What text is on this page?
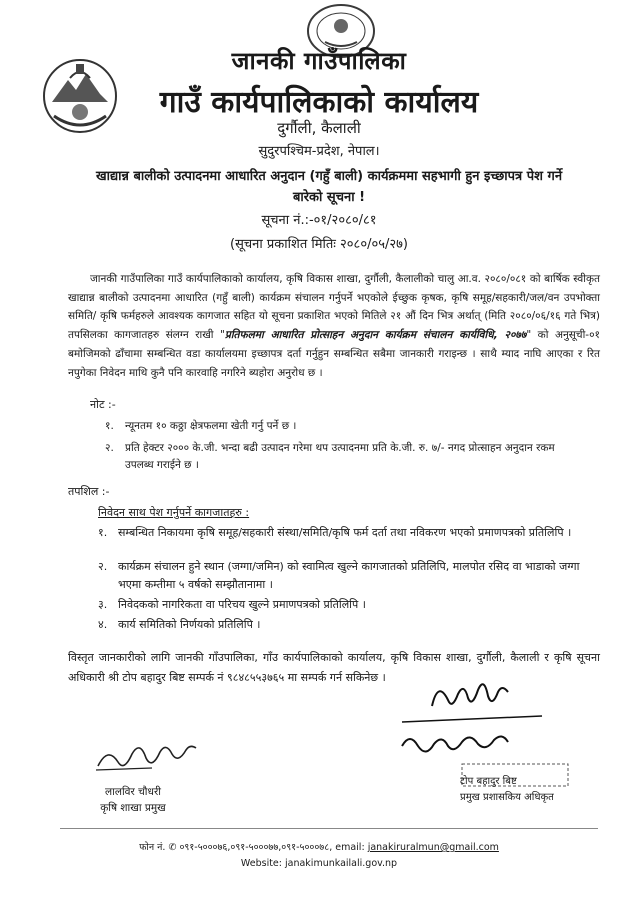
जानकी गाउँपालिका
गाउँ कार्यपालिकाको कार्यालय
दुर्गौली, कैलाली
सुदुरपश्चिम-प्रदेश, नेपाल।
खाद्यान्न बालीको उत्पादनमा आधारित अनुदान (गहुँ बाली) कार्यक्रममा सहभागी हुन इच्छापत्र पेश गर्ने
बारेको सूचना !
सूचना नं.:-०१/२०८०/८१
(सूचना प्रकाशित मितिः २०८०/०५/२७)
जानकी गाउँपालिका गाउँ कार्यपालिकाको कार्यालय, कृषि विकास शाखा, दुर्गौली, कैलालीको चालु आ.व. २०८०/०८१ को बार्षिक स्वीकृत खाद्यान्न बालीको उत्पादनमा आधारित (गहुँ बाली) कार्यक्रम संचालन गर्नुपर्ने भएकोले ईच्छुक कृषक, कृषि समूह/सहकारी/जल/वन उपभोक्ता समिति/ कृषि फर्महरुले आवश्यक कागजात सहित यो सूचना प्रकाशित भएको मितिले २१ औं दिन भित्र अर्थात् (मिति २०८०/०६/१६ गते भित्र) तपसिलका कागजातहरु संलग्न राखी "प्रतिफलमा आधारित प्रोत्साहन अनुदान कार्यक्रम संचालन कार्यविधि, २०७७" को अनुसूची-०१ बमोजिमको ढाँचामा सम्बन्धित वडा कार्यालयमा इच्छापत्र दर्ता गर्नुहुन सम्बन्धित सबैमा जानकारी गराइन्छ । साथै म्याद नाघि आएका र रित नपुगेका निवेदन माथि कुनै पनि कारवाहि नगरिने ब्यहोरा अनुरोध छ ।
नोट :-
१. न्यूनतम १० कठ्ठा क्षेत्रफलमा खेती गर्नु पर्ने छ ।
२. प्रति हेक्टर २००० के.जी. भन्दा बढी उत्पादन गरेमा थप उत्पादनमा प्रति के.जी. रु. ७/- नगद प्रोत्साहन अनुदान रकम उपलब्ध गराईने छ ।
तपशिल :-
निवेदन साथ पेश गर्नुपर्ने कागजातहरु :
१. सम्बन्धित निकायमा कृषि समूह/सहकारी संस्था/समिति/कृषि फर्म दर्ता तथा नविकरण भएको प्रमाणपत्रको प्रतिलिपि ।
२. कार्यक्रम संचालन हुने स्थान (जग्गा/जमिन) को स्वामित्व खुल्ने कागजातको प्रतिलिपि, मालपोत रसिद वा भाडाको जग्गा भएमा कम्तीमा ५ वर्षको सम्झौतानामा ।
३. निवेदकको नागरिकता वा परिचय खुल्ने प्रमाणपत्रको प्रतिलिपि ।
४. कार्य समितिको निर्णयको प्रतिलिपि ।
विस्तृत जानकारीको लागि जानकी गाँउपालिका, गाँउ कार्यपालिकाको कार्यालय, कृषि विकास शाखा, दुर्गौली, कैलाली र कृषि सूचना अधिकारी श्री टोप बहादुर बिष्ट सम्पर्क नं ९८४८५५३७६५ मा सम्पर्क गर्न सकिनेछ ।
लालविर चौधरी
कृषि शाखा प्रमुख
टोप बहादुर बिष्ट
प्रमुख प्रशासकिय अधिकृत
फोन नं. ✆ ०९१-५०००७६,०९१-५०००७७,०९१-५०००७८, email: janakiruralmun@gmail.com
Website: janakimunkailali.gov.np
